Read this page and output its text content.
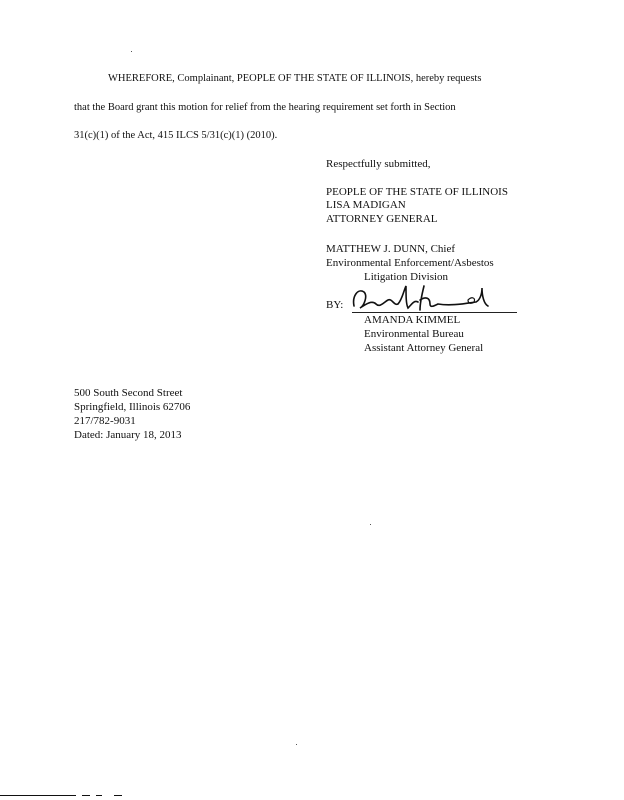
WHEREFORE, Complainant, PEOPLE OF THE STATE OF ILLINOIS, hereby requests
that the Board grant this motion for relief from the hearing requirement set forth in Section
31(c)(1) of the Act, 415 ILCS 5/31(c)(1) (2010).
Respectfully submitted,
PEOPLE OF THE STATE OF ILLINOIS
LISA MADIGAN
ATTORNEY GENERAL
MATTHEW J. DUNN, Chief
Environmental Enforcement/Asbestos
Litigation Division
BY:
AMANDA KIMMEL
Environmental Bureau
Assistant Attorney General
500 South Second Street
Springfield, Illinois 62706
217/782-9031
Dated: January 18, 2013
